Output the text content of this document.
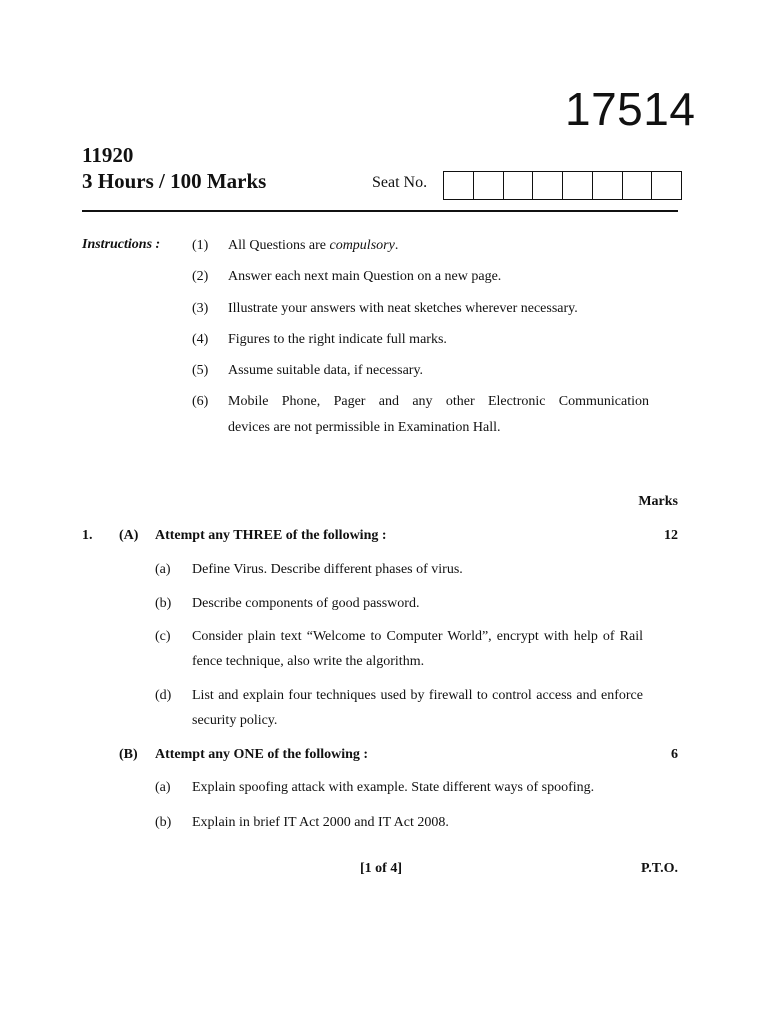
17514
11920
3 Hours / 100 Marks	Seat No.
Instructions : (1) All Questions are compulsory.
(2) Answer each next main Question on a new page.
(3) Illustrate your answers with neat sketches wherever necessary.
(4) Figures to the right indicate full marks.
(5) Assume suitable data, if necessary.
(6) Mobile Phone, Pager and any other Electronic Communication
devices are not permissible in Examination Hall.
Marks
1. (A) Attempt any THREE of the following :	12
(a) Define Virus. Describe different phases of virus.
(b) Describe components of good password.
(c) Consider plain text “Welcome to Computer World”, encrypt with help of Rail fence technique, also write the algorithm.
(d) List and explain four techniques used by firewall to control access and enforce security policy.
(B) Attempt any ONE of the following :	6
(a) Explain spoofing attack with example. State different ways of spoofing.
(b) Explain in brief IT Act 2000 and IT Act 2008.
[1 of 4]	P.T.O.
